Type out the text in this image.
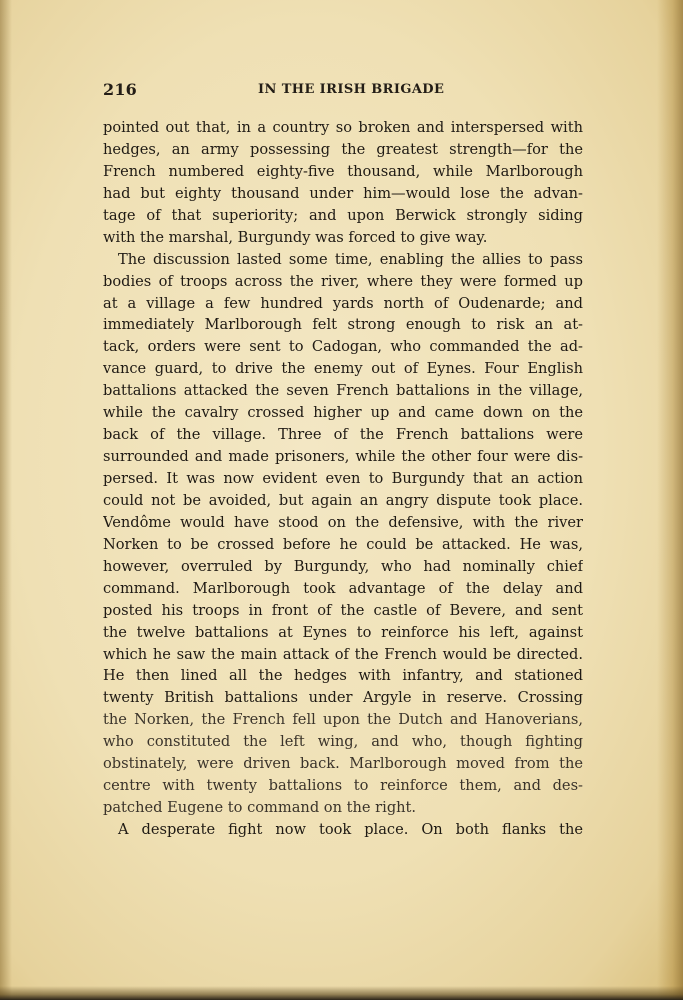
216	IN THE IRISH BRIGADE
pointed out that, in a country so broken and interspersed with
hedges, an army possessing the greatest strength—for the
French numbered eighty-five thousand, while Marlborough
had but eighty thousand under him—would lose the advan-
tage of that superiority; and upon Berwick strongly siding
with the marshal, Burgundy was forced to give way.
The discussion lasted some time, enabling the allies to pass
bodies of troops across the river, where they were formed up
at a village a few hundred yards north of Oudenarde; and
immediately Marlborough felt strong enough to risk an at-
tack, orders were sent to Cadogan, who commanded the ad-
vance guard, to drive the enemy out of Eynes. Four English
battalions attacked the seven French battalions in the village,
while the cavalry crossed higher up and came down on the
back of the village. Three of the French battalions were
surrounded and made prisoners, while the other four were dis-
persed. It was now evident even to Burgundy that an action
could not be avoided, but again an angry dispute took place.
Vendôme would have stood on the defensive, with the river
Norken to be crossed before he could be attacked. He was,
however, overruled by Burgundy, who had nominally chief
command. Marlborough took advantage of the delay and
posted his troops in front of the castle of Bevere, and sent
the twelve battalions at Eynes to reinforce his left, against
which he saw the main attack of the French would be directed.
He then lined all the hedges with infantry, and stationed
twenty British battalions under Argyle in reserve. Crossing
the Norken, the French fell upon the Dutch and Hanoverians,
who constituted the left wing, and who, though fighting
obstinately, were driven back. Marlborough moved from the
centre with twenty battalions to reinforce them, and des-
patched Eugene to command on the right.
A desperate fight now took place. On both flanks the
